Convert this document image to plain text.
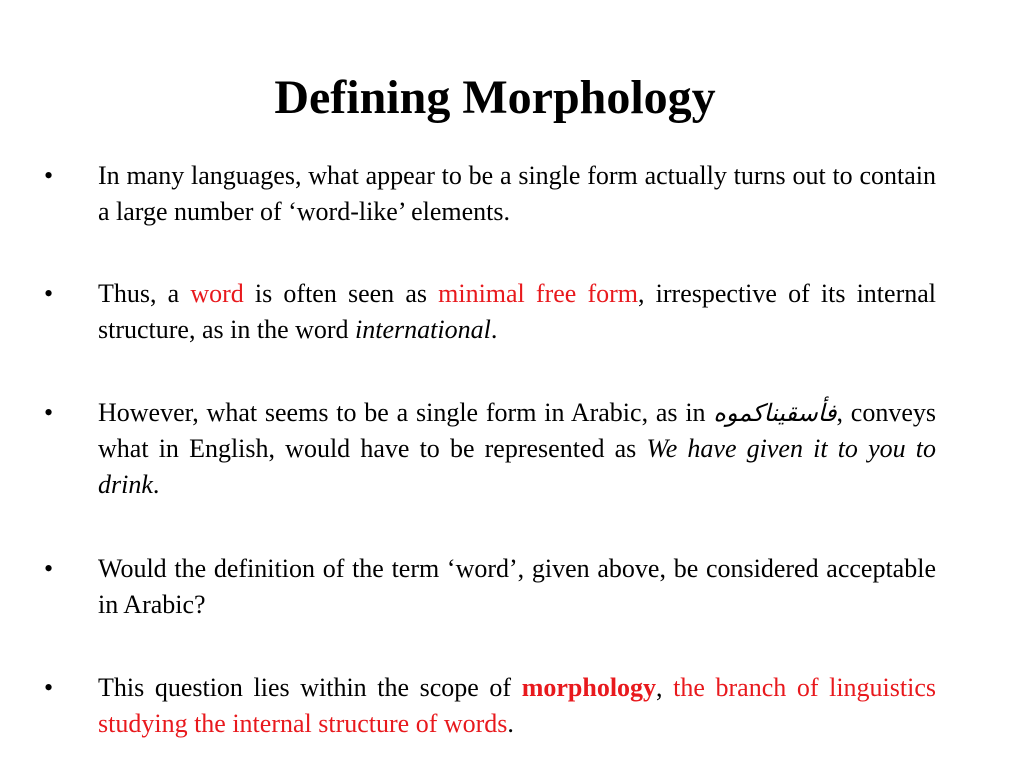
Defining Morphology
• In many languages, what appear to be a single form actually turns out to contain a large number of ‘word-like’ elements.

• Thus, a word is often seen as minimal free form, irrespective of its internal structure, as in the word international.

• However, what seems to be a single form in Arabic, as in فأسقيناكموه, conveys what in English, would have to be represented as We have given it to you to drink.

• Would the definition of the term ‘word’, given above, be considered acceptable in Arabic?

• This question lies within the scope of morphology, the branch of linguistics studying the internal structure of words.
